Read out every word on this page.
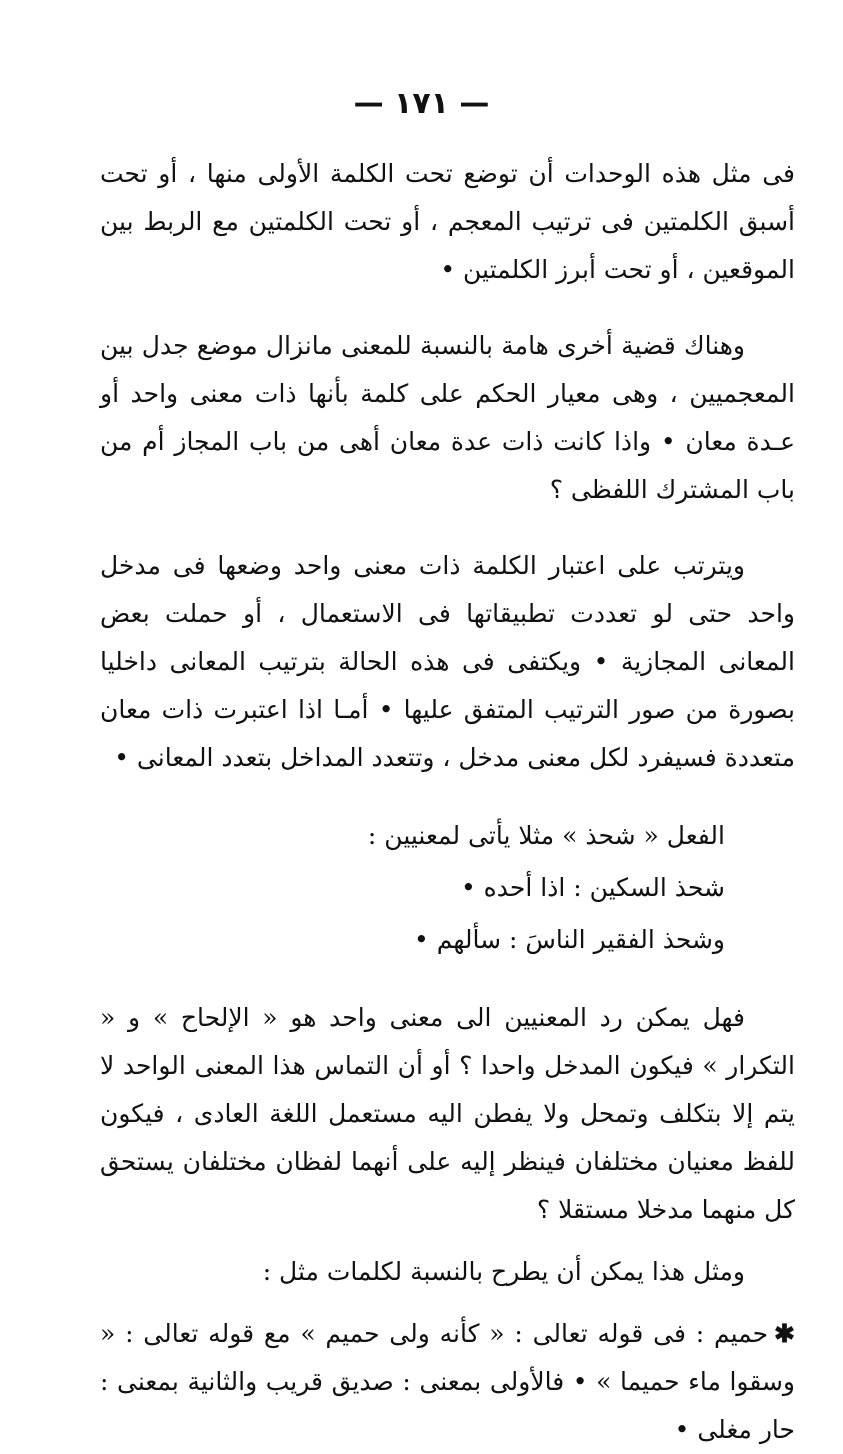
— ١٧١ —

فى مثل هذه الوحدات أن توضع تحت الكلمة الأولى منها ، أو تحت أسبق الكلمتين فى ترتيب المعجم ، أو تحت الكلمتين مع الربط بين الموقعين ، أو تحت أبرز الكلمتين •

وهناك قضية أخرى هامة بالنسبة للمعنى مانزال موضع جدل بين المعجميين ، وهى معيار الحكم على كلمة بأنها ذات معنى واحد أو عـدة معان • واذا كانت ذات عدة معان أهى من باب المجاز أم من باب المشترك اللفظى ؟

ويترتب على اعتبار الكلمة ذات معنى واحد وضعها فى مدخل واحد حتى لو تعددت تطبيقاتها فى الاستعمال ، أو حملت بعض المعانى المجازية • ويكتفى فى هذه الحالة بترتيب المعانى داخليا بصورة من صور الترتيب المتفق عليها • أمـا اذا اعتبرت ذات معان متعددة فسيفرد لكل معنى مدخل ، وتتعدد المداخل بتعدد المعانى •

الفعل « شحذ » مثلا يأتى لمعنيين :

شحذ السكين : اذا أحده •

وشحذ الفقير الناسَ : سألهم •

فهل يمكن رد المعنيين الى معنى واحد هو « الإلحاح » و « التكرار » فيكون المدخل واحدا ؟ أو أن التماس هذا المعنى الواحد لا يتم إلا بتكلف وتمحل ولا يفطن اليه مستعمل اللغة العادى ، فيكون للفظ معنيان مختلفان فينظر إليه على أنهما لفظان مختلفان يستحق كل منهما مدخلا مستقلا ؟

ومثل هذا يمكن أن يطرح بالنسبة لكلمات مثل :

✱حميم : فى قوله تعالى : « كأنه ولى حميم » مع قوله تعالى : « وسقوا ماء حميما » • فالأولى بمعنى : صديق قريب والثانية بمعنى : حار مغلى •
